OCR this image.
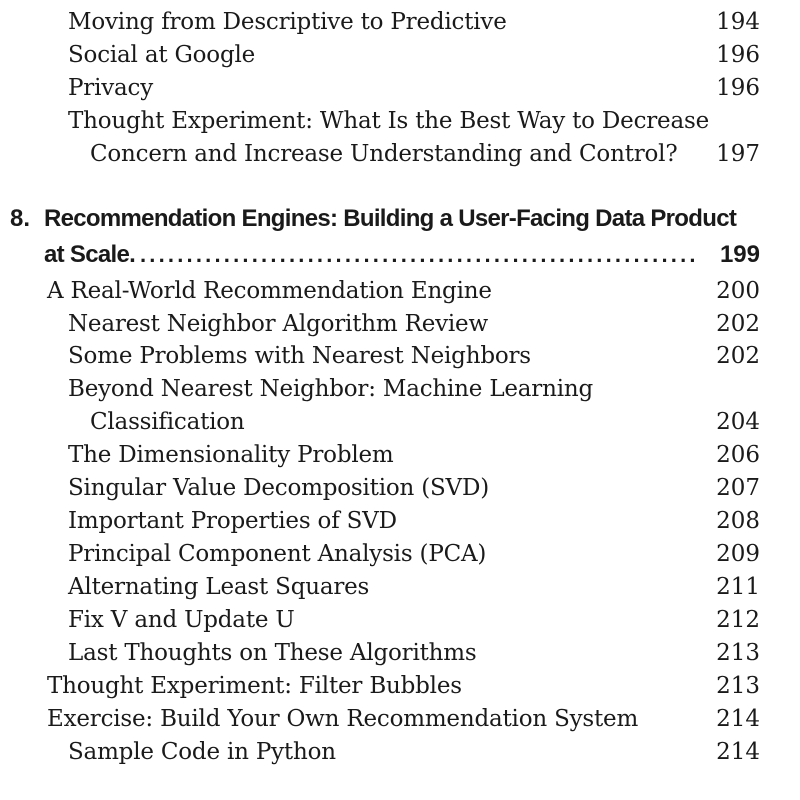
Moving from Descriptive to Predictive	194
Social at Google	196
Privacy	196
Thought Experiment: What Is the Best Way to Decrease
Concern and Increase Understanding and Control? 197
8. Recommendation Engines: Building a User-Facing Data Product
at Scale. ............................................................ 199
A Real-World Recommendation Engine	200
Nearest Neighbor Algorithm Review	202
Some Problems with Nearest Neighbors	202
Beyond Nearest Neighbor: Machine Learning
Classification	204
The Dimensionality Problem	206
Singular Value Decomposition (SVD)	207
Important Properties of SVD	208
Principal Component Analysis (PCA)	209
Alternating Least Squares	211
Fix V and Update U	212
Last Thoughts on These Algorithms	213
Thought Experiment: Filter Bubbles	213
Exercise: Build Your Own Recommendation System	214
Sample Code in Python	214
